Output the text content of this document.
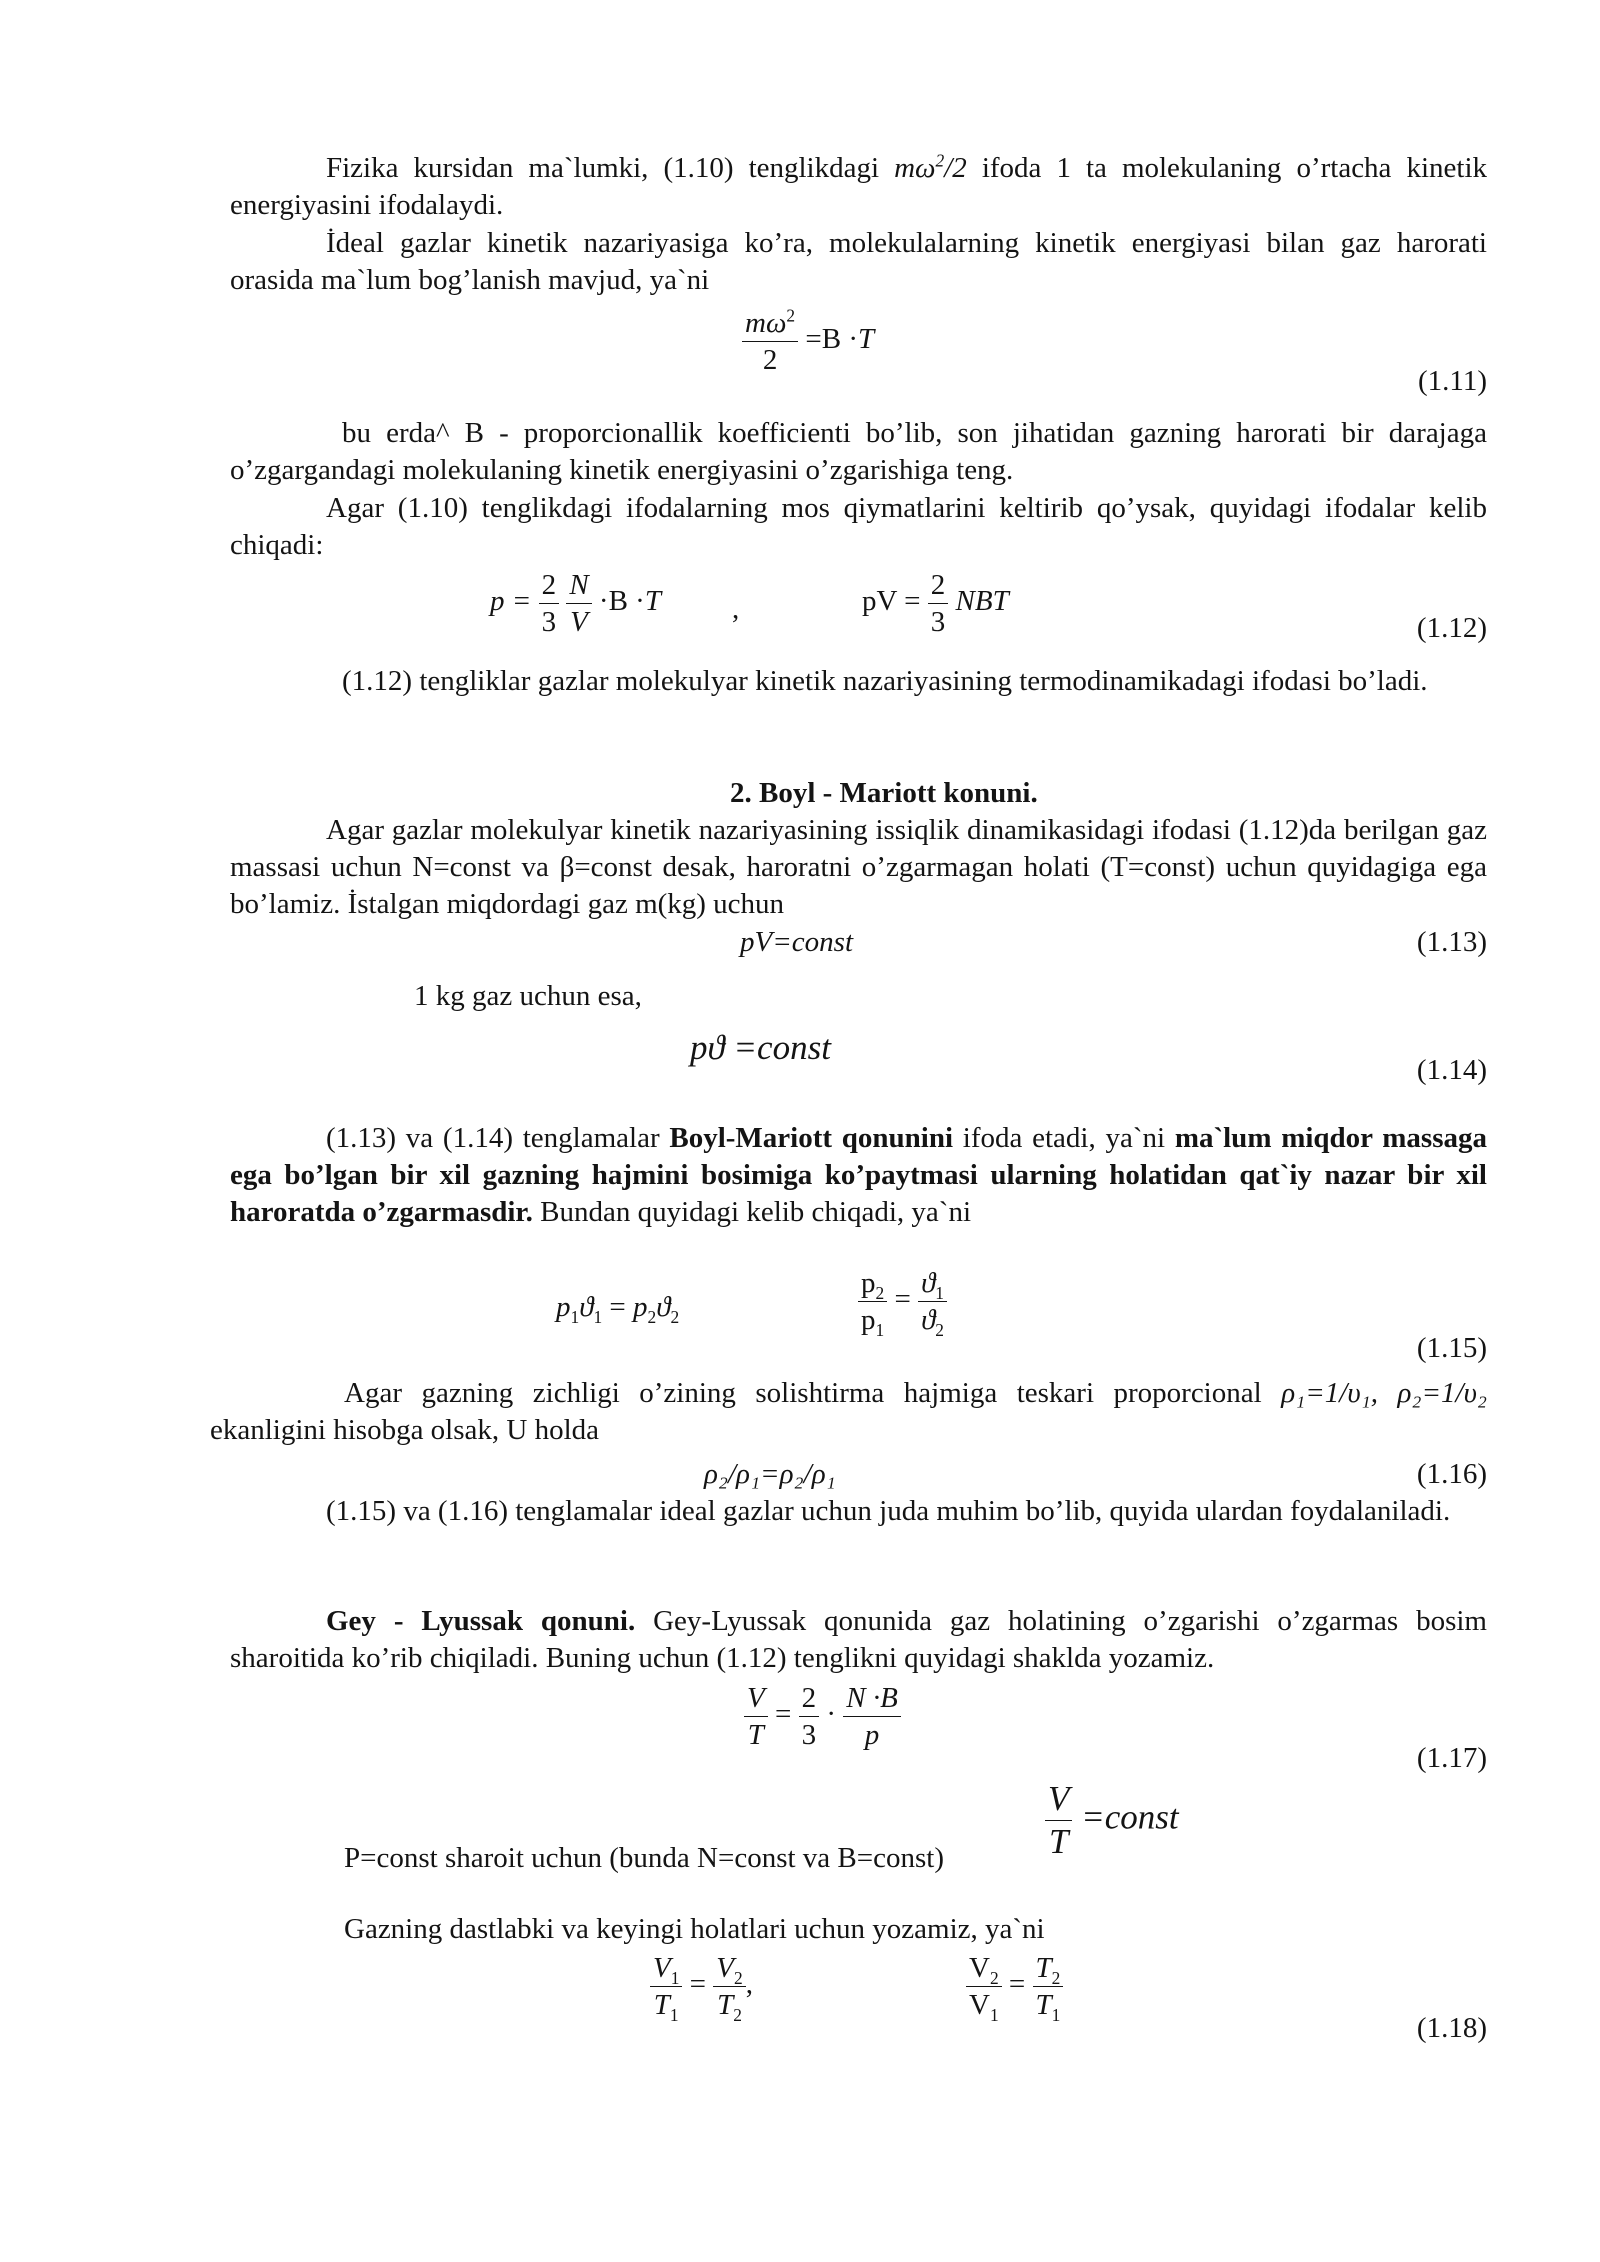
Fizika kursidan ma`lumki, (1.10) tenglikdagi $m\omega^2/2$ ifoda 1 ta molekulaning o’rtacha kinetik energiyasini ifodalaydi.
İdeal gazlar kinetik nazariyasiga ko’ra, molekulalarning kinetik energiyasi bilan gaz harorati orasida ma`lum bog’lanish mavjud, ya`ni
$\frac{m\omega^2}{2} =B \cdot T$
(1.11)
bu erda^ B - proporcionallik koefficienti bo’lib, son jihatidan gazning harorati bir darajaga o’zgargandagi molekulaning kinetik energiyasini o’zgarishiga teng.
Agar (1.10) tenglikdagi ifodalarning mos qiymatlarini keltirib qo’ysak, quyidagi ifodalar kelib chiqadi:
$p = \frac{2}{3}$
$\frac{N}{V} \cdot B \cdot T$ ,	pV = $\frac{2}{3}$ NBT
(1.12)
(1.12) tengliklar gazlar molekulyar kinetik nazariyasining termodinamikadagi ifodasi bo’ladi.
2. Boyl - Mariott konuni.
Agar gazlar molekulyar kinetik nazariyasining issiqlik dinamikasidagi ifodasi (1.12)da berilgan gaz massasi uchun N=const va β=const desak, haroratni o’zgarmagan holati (T=const) uchun quyidagiga ega bo’lamiz. İstalgan miqdordagi gaz m(kg) uchun
pV=const	(1.13)
1 kg gaz uchun esa,
pϑ =const
(1.14)
(1.13) va (1.14) tenglamalar Boyl-Mariott qonunini ifoda etadi, ya`ni ma`lum miqdor massaga ega bo’lgan bir xil gazning hajmini bosimiga ko’paytmasi ularning holatidan qat`iy nazar bir xil haroratda o’zgarmasdir. Bundan quyidagi kelib chiqadi, ya`ni
$p_1ϑ_1 = p_2ϑ_2$	$\frac{p_2}{p_1} = \frac{ϑ_1}{ϑ_2}$
(1.15)
Agar gazning zichligi o’zining solishtirma hajmiga teskari proporcional ρ₁=1/υ₁, ρ₂=1/υ₂ ekanligini hisobga olsak, U holda
ρ₂/ρ₁=ρ₂/ρ₁	(1.16)
(1.15) va (1.16) tenglamalar ideal gazlar uchun juda muhim bo’lib, quyida ulardan foydalaniladi.
Gey - Lyussak qonuni. Gey-Lyussak qonunida gaz holatining o’zgarishi o’zgarmas bosim sharoitida ko’rib chiqiladi. Buning uchun (1.12) tenglikni quyidagi shaklda yozamiz.
$\frac{V}{T} = \frac{2}{3} \cdot \frac{N \cdot B}{p}$
(1.17)
P=const sharoit uchun (bunda N=const va B=const)	$\frac{V}{T}$ =const
Gazning dastlabki va keyingi holatlari uchun yozamiz, ya`ni
$\frac{V_1}{T_1} = \frac{V_2}{T_2}$ ,	$\frac{V_2}{V_1} = \frac{T_2}{T_1}$
(1.18)
